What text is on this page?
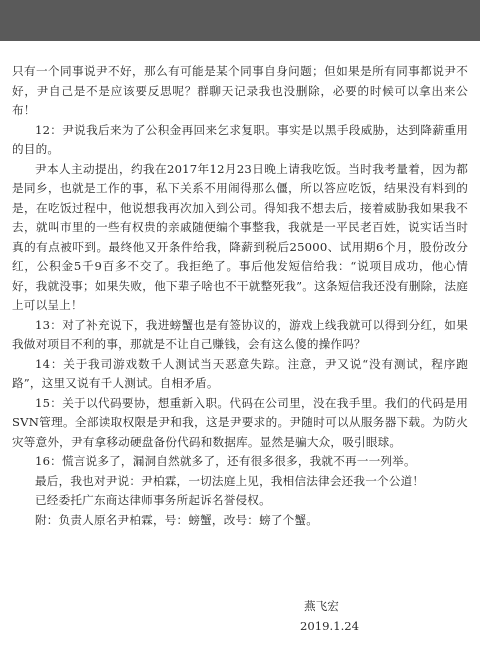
只有一个同事说尹不好，那么有可能是某个同事自身问题；但如果是所有同事都说尹不好，尹自己是不是应该要反思呢？群聊天记录我也没删除，必要的时候可以拿出来公布！

12：尹说我后来为了公积金再回来乞求复职。事实是以黑手段威胁，达到降薪重用的目的。

尹本人主动提出，约我在2017年12月23日晚上请我吃饭。当时我考量着，因为都是同乡，也就是工作的事，私下关系不用闹得那么僵，所以答应吃饭，结果没有料到的是，在吃饭过程中，他说想我再次加入到公司。得知我不想去后，接着威胁我如果我不去，就叫市里的一些有权贵的亲戚随便编个事整我，我就是一平民老百姓，说实话当时真的有点被吓到。最终他又开条件给我，降薪到税后25000、试用期6个月，股份改分红，公积金5千9百多不交了。我拒绝了。事后他发短信给我：“说项目成功，他心情好，我就没事；如果失败，他下辈子啥也不干就整死我”。这条短信我还没有删除，法庭上可以呈上！

13：对了补充说下，我进螃蟹也是有签协议的，游戏上线我就可以得到分红，如果我做对项目不利的事，那就是不让自己赚钱，会有这么傻的操作吗？

14：关于我司游戏数千人测试当天恶意失踪。注意，尹又说“没有测试，程序跑路”，这里又说有千人测试。自相矛盾。

15：关于以代码要协，想重新入职。代码在公司里，没在我手里。我们的代码是用SVN管理。全部读取权限是尹和我，这是尹要求的。尹随时可以从服务器下载。为防火灾等意外，尹有拿移动硬盘备份代码和数据库。显然是骗大众，吸引眼球。

16：慌言说多了，漏洞自然就多了，还有很多很多，我就不再一一列举。

最后，我也对尹说：尹柏霖，一切法庭上见，我相信法律会还我一个公道！

已经委托广东商达律师事务所起诉名誉侵权。

附：负责人原名尹柏霖，号：螃蟹，改号：螃了个蟹。

燕飞宏
2019.1.24
